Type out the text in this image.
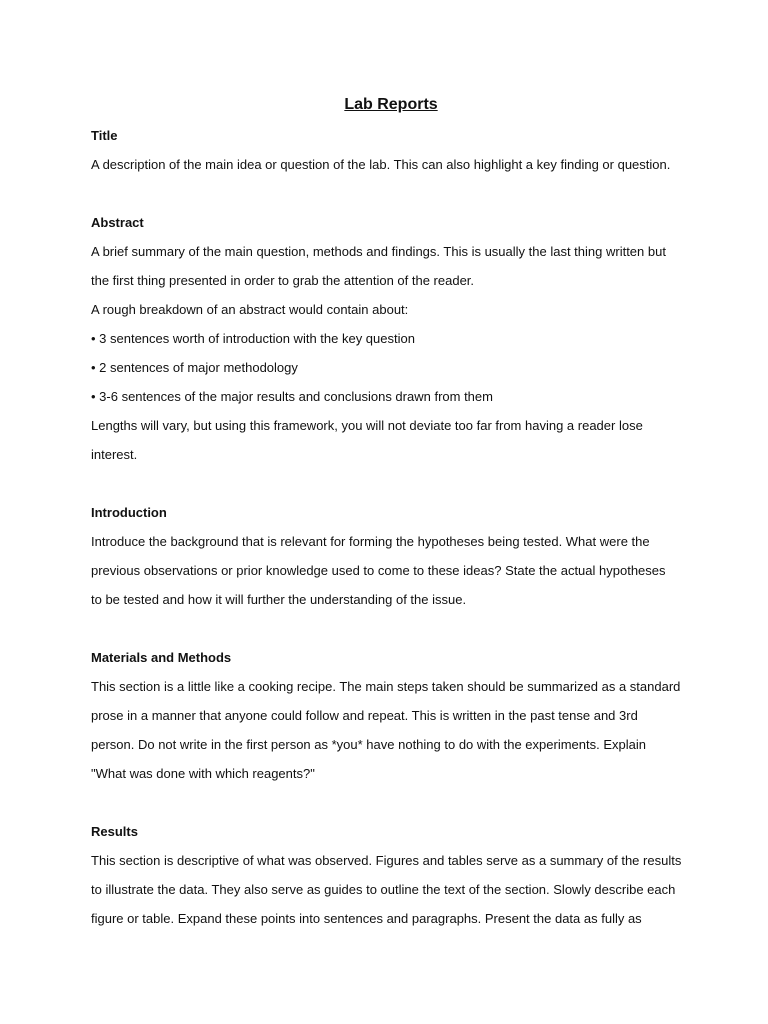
Lab Reports

Title

A description of the main idea or question of the lab. This can also highlight a key finding or question.

Abstract

A brief summary of the main question, methods and findings. This is usually the last thing written but

the first thing presented in order to grab the attention of the reader.

A rough breakdown of an abstract would contain about:

• 3 sentences worth of introduction with the key question

• 2 sentences of major methodology

• 3-6 sentences of the major results and conclusions drawn from them

Lengths will vary, but using this framework, you will not deviate too far from having a reader lose

interest.

Introduction

Introduce the background that is relevant for forming the hypotheses being tested. What were the

previous observations or prior knowledge used to come to these ideas? State the actual hypotheses

to be tested and how it will further the understanding of the issue.

Materials and Methods

This section is a little like a cooking recipe. The main steps taken should be summarized as a standard

prose in a manner that anyone could follow and repeat. This is written in the past tense and 3rd

person. Do not write in the first person as *you* have nothing to do with the experiments. Explain

"What was done with which reagents?"

Results

This section is descriptive of what was observed. Figures and tables serve as a summary of the results

to illustrate the data. They also serve as guides to outline the text of the section. Slowly describe each

figure or table. Expand these points into sentences and paragraphs. Present the data as fully as
